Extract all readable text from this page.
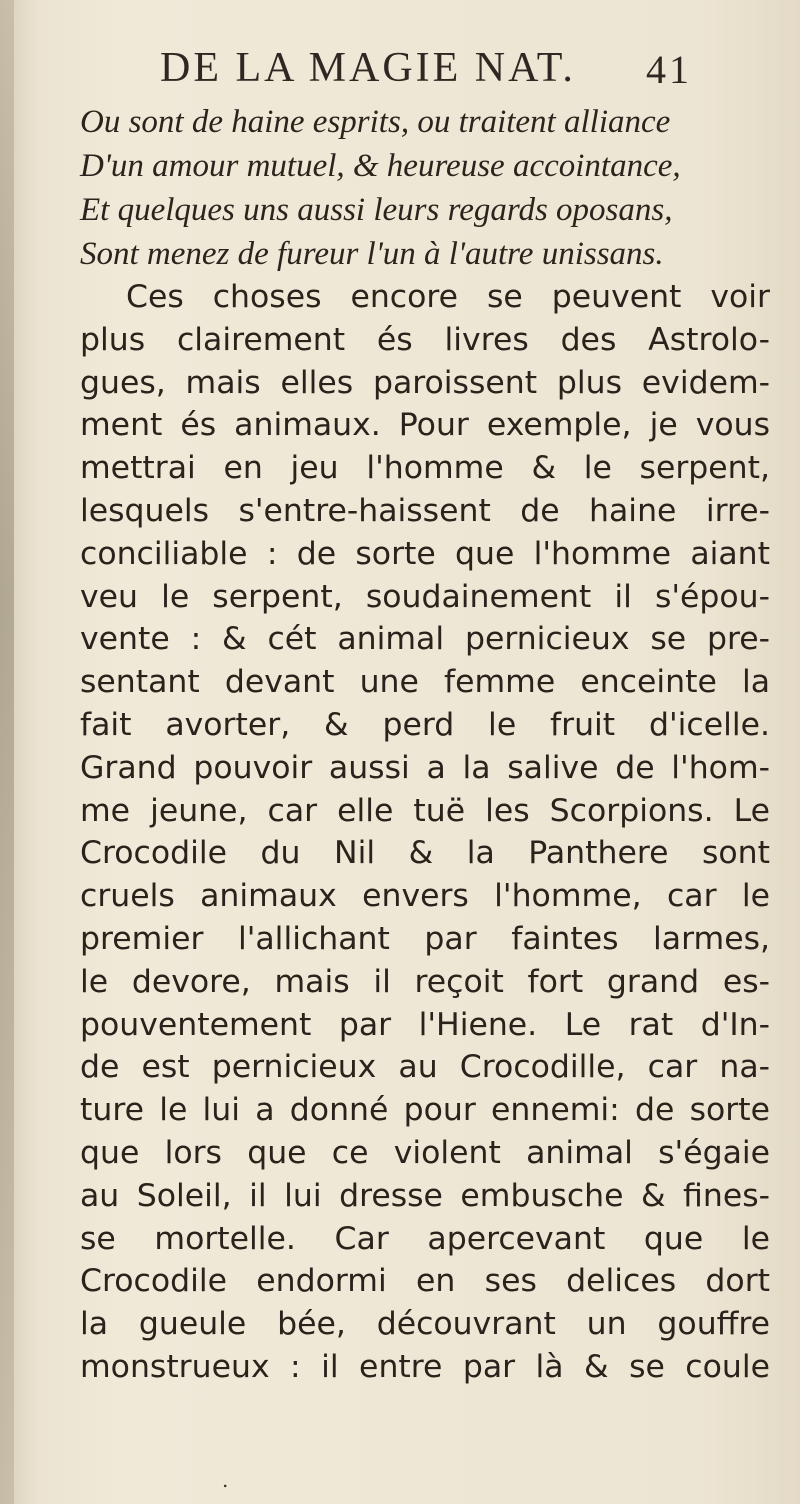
DE LA MAGIE NAT. 41
Ou sont de haine esprits, ou traitent alliance
D'un amour mutuel, & heureuse accointance,
Et quelques uns aussi leurs regards oposans,
Sont menez de fureur l'un à l'autre unissans.
Ces choses encore se peuvent voir
plus clairement és livres des Astrolo-
gues, mais elles paroissent plus evidem-
ment és animaux. Pour exemple, je vous
mettrai en jeu l'homme & le serpent,
lesquels s'entre-haissent de haine irre-
conciliable : de sorte que l'homme aiant
veu le serpent, soudainement il s'épou-
vente : & cét animal pernicieux se pre-
sentant devant une femme enceinte la
fait avorter, & perd le fruit d'icelle.
Grand pouvoir aussi a la salive de l'hom-
me jeune, car elle tuë les Scorpions. Le
Crocodile du Nil & la Panthere sont
cruels animaux envers l'homme, car le
premier l'allichant par faintes larmes,
le devore, mais il reçoit fort grand es-
pouventement par l'Hiene. Le rat d'In-
de est pernicieux au Crocodille, car na-
ture le lui a donné pour ennemi: de sorte
que lors que ce violent animal s'égaie
au Soleil, il lui dresse embusche & fines-
se mortelle. Car apercevant que le
Crocodile endormi en ses delices dort
la gueule bée, découvrant un gouffre
monstrueux : il entre par là & se coule
.
